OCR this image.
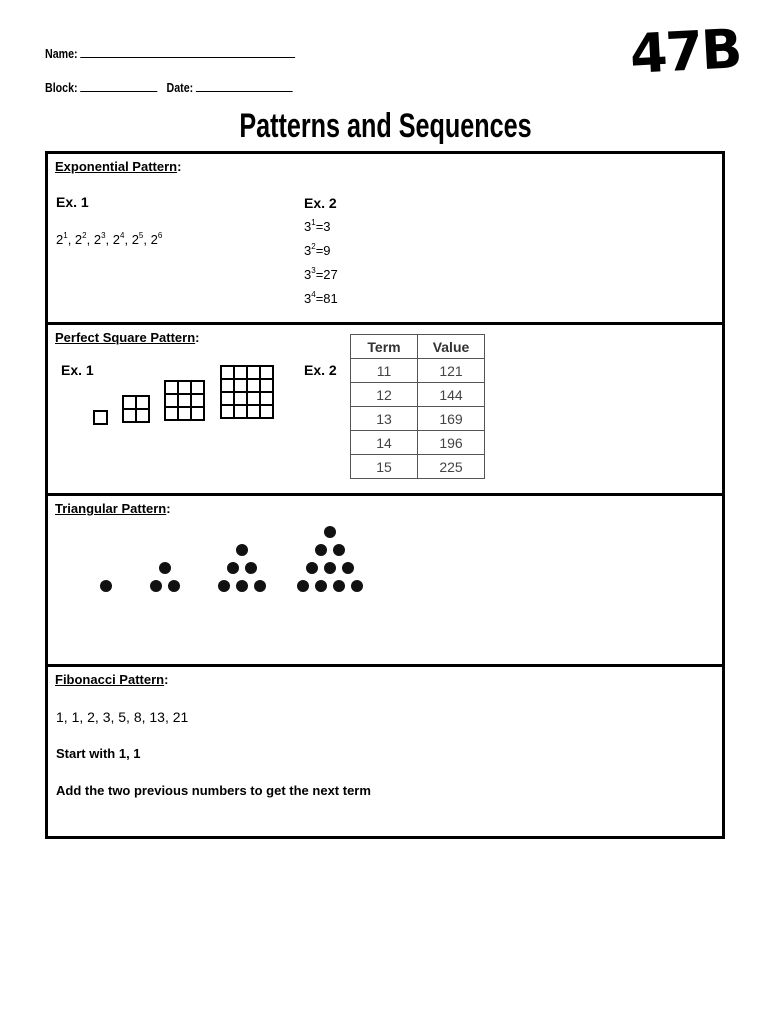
Name:
Block:	Date:
47B
Patterns and Sequences
Exponential Pattern:
Ex. 1
$2^1$, $2^2$, $2^3$, $2^4$, $2^5$, $2^6$
Ex. 2
$3^1=3$
$3^2=9$
$3^3=27$
$3^4=81$
Perfect Square Pattern:
Ex. 1	Ex. 2
Term	Value
11	121
12	144
13	169
14	196
15	225
Triangular Pattern:
Fibonacci Pattern:
1, 1, 2, 3, 5, 8, 13, 21
Start with 1, 1
Add the two previous numbers to get the next term
